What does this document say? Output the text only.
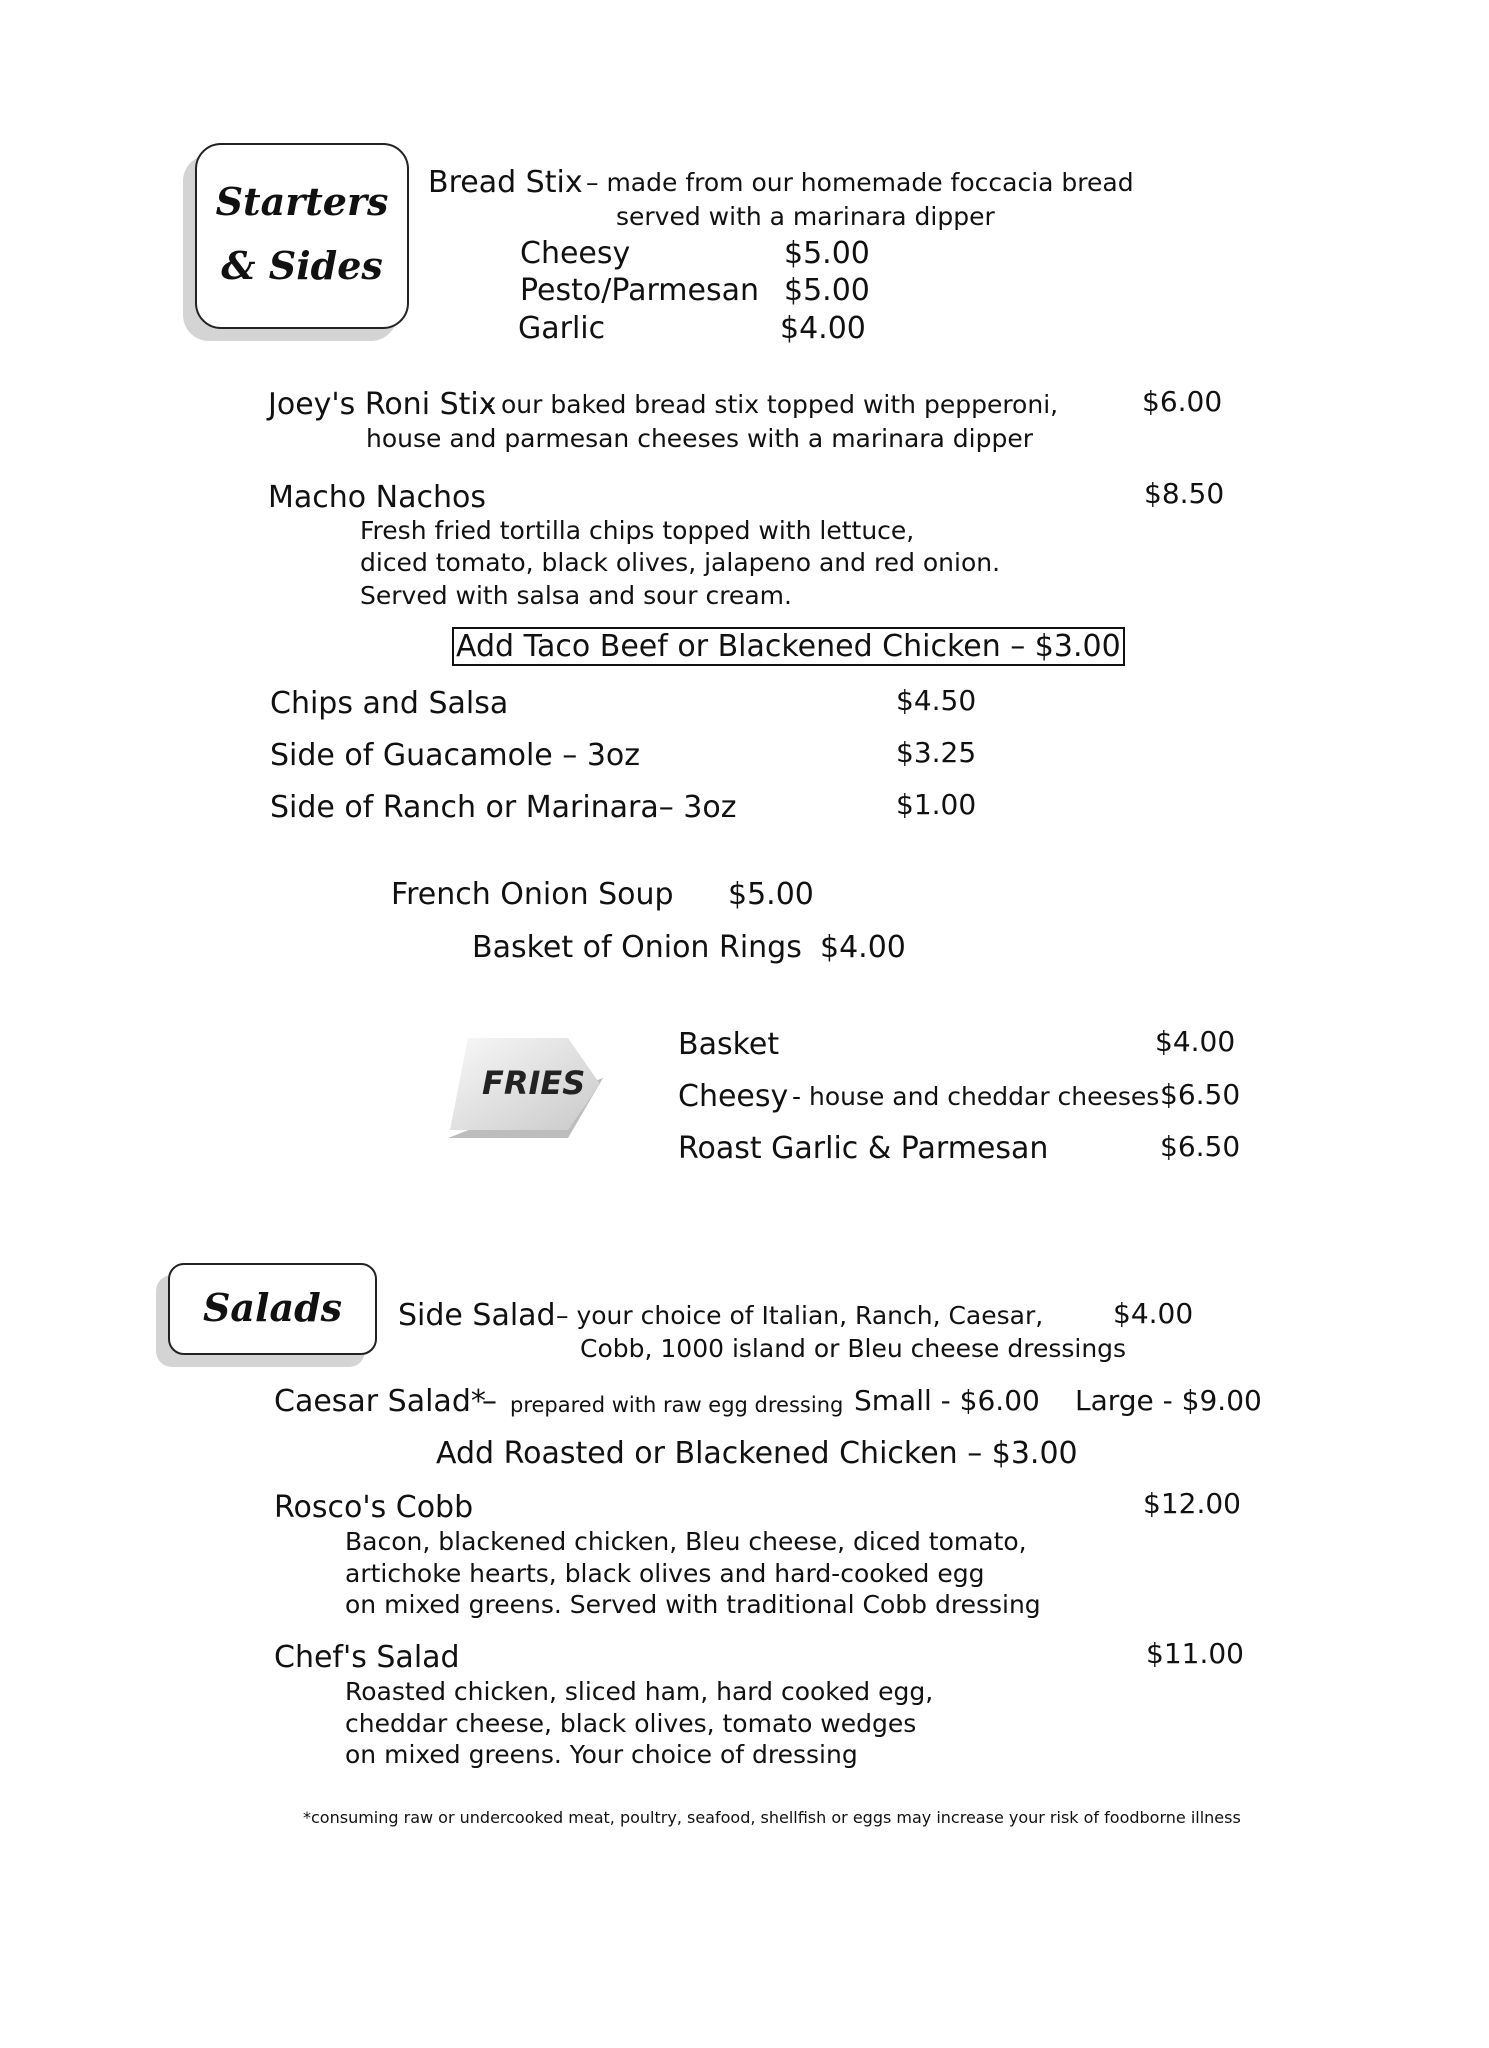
Starters
& Sides
Bread Stix – made from our homemade foccacia bread
served with a marinara dipper
Cheesy	$5.00
Pesto/Parmesan $5.00
Garlic	$4.00
Joey's Roni Stix
- our baked bread stix topped with pepperoni,	$6.00
house and parmesan cheeses with a marinara dipper
Macho Nachos	$8.50
Fresh fried tortilla chips topped with lettuce,
diced tomato, black olives, jalapeno and red onion.
Served with salsa and sour cream.
Add Taco Beef or Blackened Chicken – $3.00
Chips and Salsa	$4.50
Side of Guacamole – 3oz	$3.25
Side of Ranch or Marinara– 3oz	$1.00
French Onion Soup $5.00
Basket of Onion Rings $4.00
FRIES
Basket	$4.00
Cheesy - house and cheddar cheeses $6.50
Roast Garlic & Parmesan	$6.50
Salads	Side Salad – your choice of Italian, Ranch, Caesar, $4.00
Cobb, 1000 island or Bleu cheese dressings
Caesar Salad*
– prepared with raw egg dressing Small - $6.00 Large - $9.00
Add Roasted or Blackened Chicken – $3.00
Rosco's Cobb	$12.00
Bacon, blackened chicken, Bleu cheese, diced tomato,
artichoke hearts, black olives and hard-cooked egg
on mixed greens. Served with traditional Cobb dressing
Chef's Salad	$11.00
Roasted chicken, sliced ham, hard cooked egg,
cheddar cheese, black olives, tomato wedges
on mixed greens. Your choice of dressing
*consuming raw or undercooked meat, poultry, seafood, shellfish or eggs may increase your risk of foodborne illness
